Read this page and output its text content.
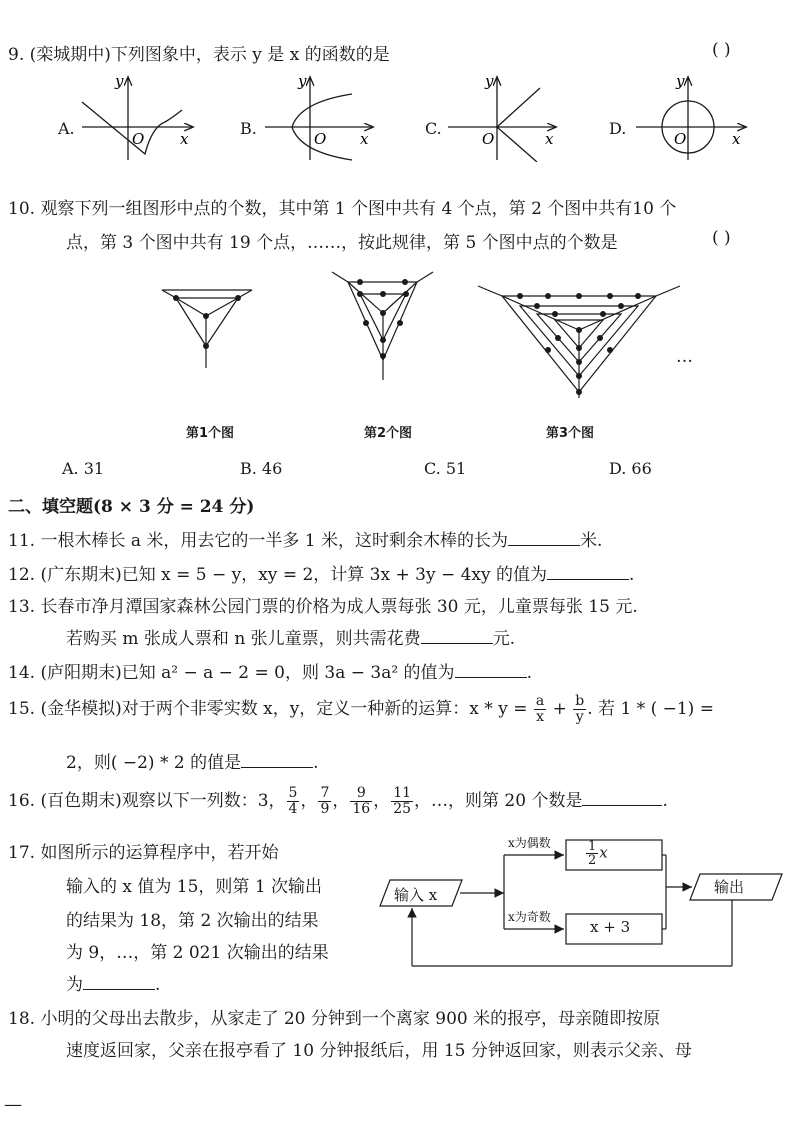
9. (栾城期中)下列图象中，表示 y 是 x 的函数的是	( )
A.	B.	C.	D.
y
x
O
y
x
O
y
x
O
y
x
O
10. 观察下列一组图形中点的个数，其中第 1 个图中共有 4 个点，第 2 个图中共有10 个
点，第 3 个图中共有 19 个点，……，按此规律，第 5 个图中点的个数是	( )
…
第1个图	第2个图	第3个图
A. 31	B. 46	C. 51	D. 66
二、填空题(8 × 3 分 = 24 分)
11. 一根木棒长 a 米，用去它的一半多 1 米，这时剩余木棒的长为	米.
12. (广东期末)已知 x = 5 − y，xy = 2，计算 3x + 3y − 4xy 的值为	.
13. 长春市净月潭国家森林公园门票的价格为成人票每张 30 元，儿童票每张 15 元.
若购买 m 张成人票和 n 张儿童票，则共需花费	元.
14. (庐阳期末)已知 a² − a − 2 = 0，则 3a − 3a² 的值为	.
15. (金华模拟)对于两个非零实数 x，y，定义一种新的运算：$x * y = \frac{a}{x} + \frac{b}{y}$ . 若 1 * ( −1) =
2，则( −2) * 2 的值是	.
16. (百色期末)观察以下一列数：3， $\frac{5}{4}$ ， $\frac{7}{9}$ ， $\frac{9}{16}$ ， $\frac{11}{25}$ ，…，则第 20 个数是	.
17. 如图所示的运算程序中，若开始
输入的 x 值为 15，则第 1 次输出
的结果为 18，第 2 次输出的结果
为 9，…，第 2 021 次输出的结果
为	.
输入 x	输出
x为偶数
x为奇数
$\frac{1}{2}$ x
x + 3
18. 小明的父母出去散步，从家走了 20 分钟到一个离家 900 米的报亭，母亲随即按原
速度返回家，父亲在报亭看了 10 分钟报纸后，用 15 分钟返回家，则表示父亲、母
—
